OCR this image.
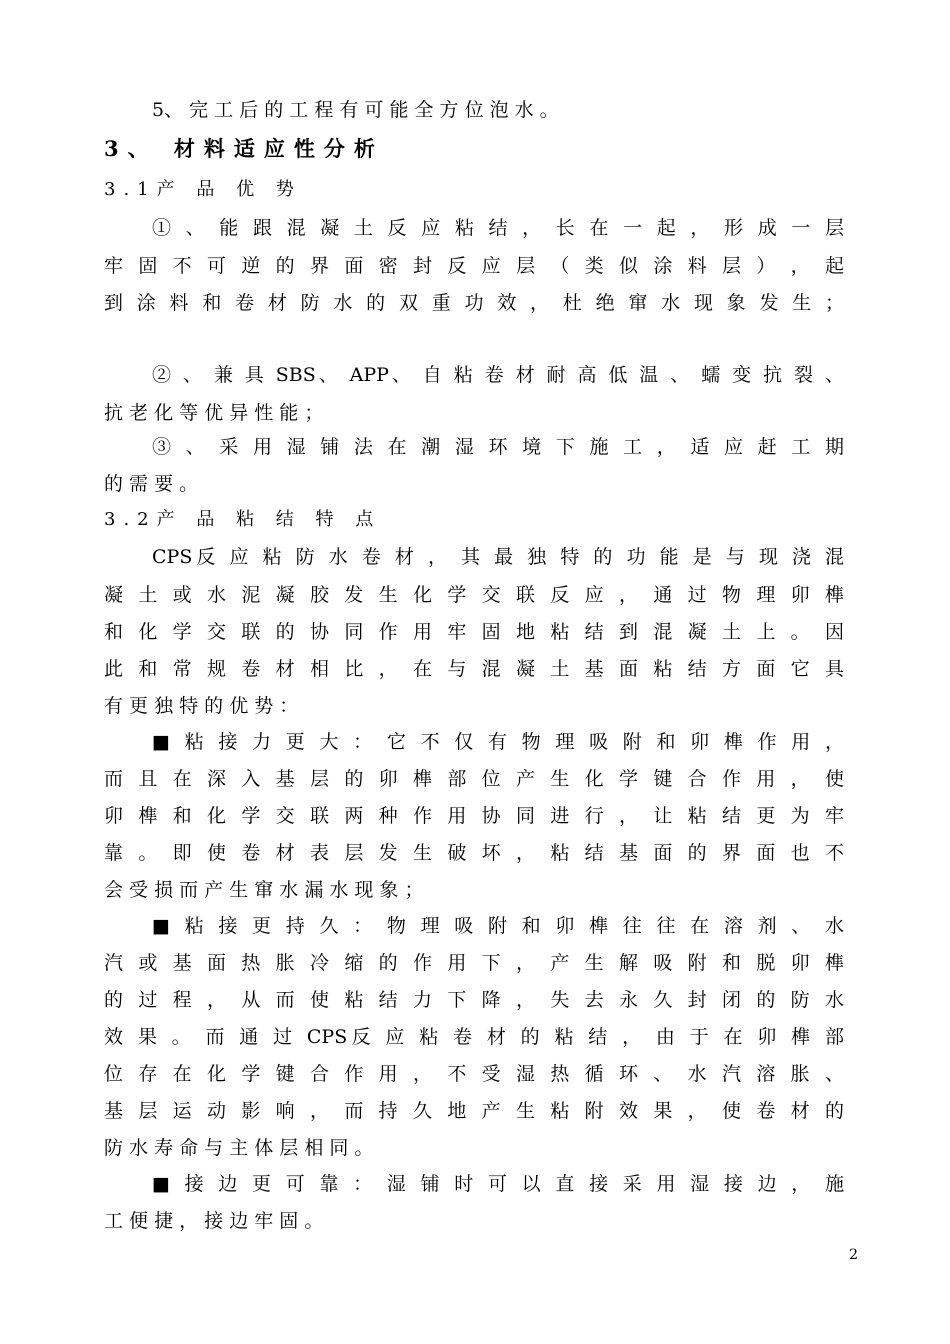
5、 完 工 后 的 工 程 有 可 能 全 方 位 泡 水 。
3、 材料适应性分析
3.1产 品 优 势
① 、 能 跟 混 凝 土 反 应 粘 结 ， 长 在 一 起 ， 形 成 一 层
牢 固 不 可 逆 的 界 面 密 封 反 应 层 （ 类 似 涂 料 层 ） ， 起
到 涂 料 和 卷 材 防 水 的 双 重 功 效 ， 杜 绝 窜 水 现 象 发 生 ；
② 、 兼 具 SBS、 APP、 自 粘 卷 材 耐 高 低 温 、 蠕 变 抗 裂 、
抗 老 化 等 优 异 性 能 ；
③ 、 采 用 湿 铺 法 在 潮 湿 环 境 下 施 工 ， 适 应 赶 工 期
的 需 要 。
3.2产 品 粘 结 特 点
CPS反 应 粘 防 水 卷 材 ， 其 最 独 特 的 功 能 是 与 现 浇 混
凝 土 或 水 泥 凝 胶 发 生 化 学 交 联 反 应 ， 通 过 物 理 卯 榫
和 化 学 交 联 的 协 同 作 用 牢 固 地 粘 结 到 混 凝 土 上 。 因
此 和 常 规 卷 材 相 比 ， 在 与 混 凝 土 基 面 粘 结 方 面 它 具
有 更 独 特 的 优 势 ：
■ 粘 接 力 更 大 ： 它 不 仅 有 物 理 吸 附 和 卯 榫 作 用 ，
而 且 在 深 入 基 层 的 卯 榫 部 位 产 生 化 学 键 合 作 用 ， 使
卯 榫 和 化 学 交 联 两 种 作 用 协 同 进 行 ， 让 粘 结 更 为 牢
靠 。 即 使 卷 材 表 层 发 生 破 坏 ， 粘 结 基 面 的 界 面 也 不
会 受 损 而 产 生 窜 水 漏 水 现 象 ；
■ 粘 接 更 持 久 ： 物 理 吸 附 和 卯 榫 往 往 在 溶 剂 、 水
汽 或 基 面 热 胀 冷 缩 的 作 用 下 ， 产 生 解 吸 附 和 脱 卯 榫
的 过 程 ， 从 而 使 粘 结 力 下 降 ， 失 去 永 久 封 闭 的 防 水
效 果 。 而 通 过 CPS反 应 粘 卷 材 的 粘 结 ， 由 于 在 卯 榫 部
位 存 在 化 学 键 合 作 用 ， 不 受 湿 热 循 环 、 水 汽 溶 胀 、
基 层 运 动 影 响 ， 而 持 久 地 产 生 粘 附 效 果 ， 使 卷 材 的
防 水 寿 命 与 主 体 层 相 同 。
■ 接 边 更 可 靠 ： 湿 铺 时 可 以 直 接 采 用 湿 接 边 ， 施
工 便 捷 ， 接 边 牢 固 。
2
